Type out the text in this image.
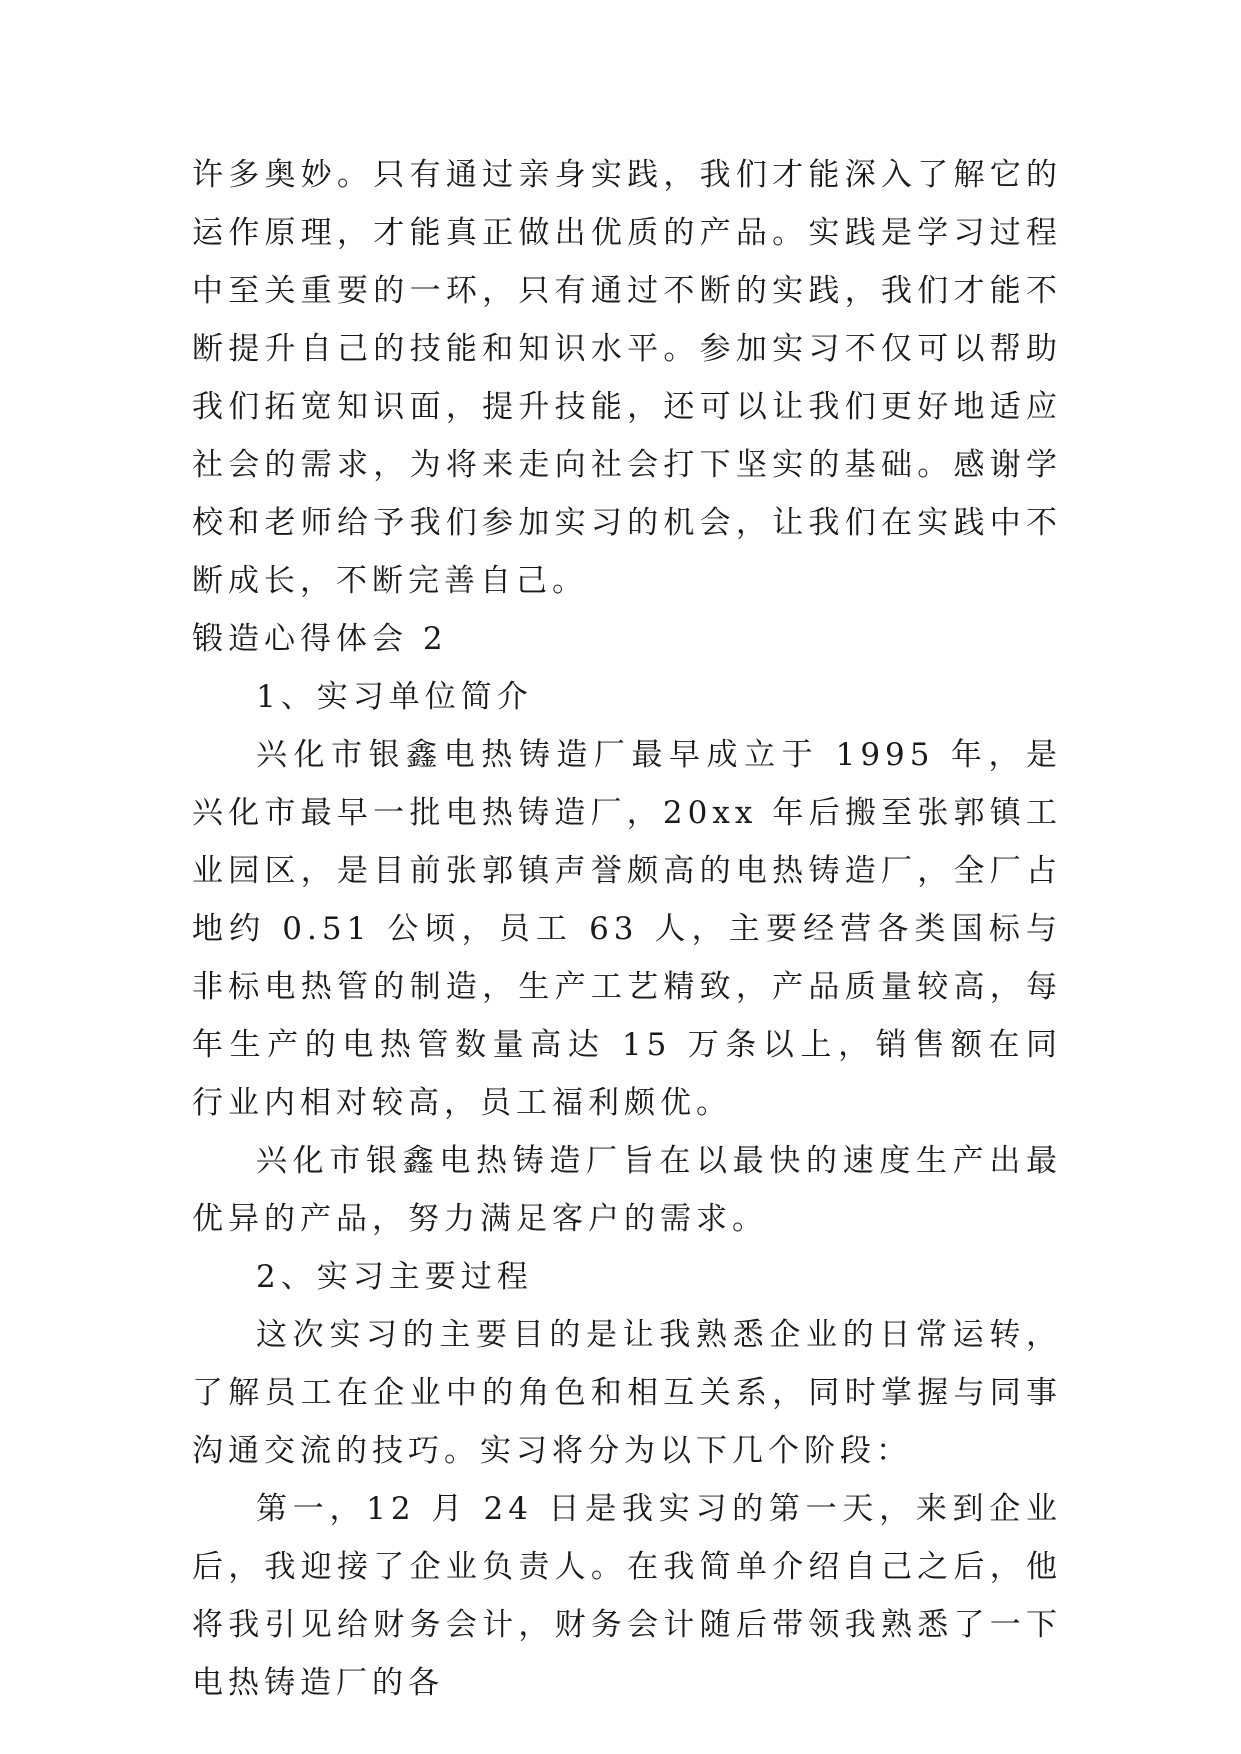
许多奥妙。只有通过亲身实践，我们才能深入了解它的运作原理，才能真正做出优质的产品。实践是学习过程中至关重要的一环，只有通过不断的实践，我们才能不断提升自己的技能和知识水平。参加实习不仅可以帮助我们拓宽知识面，提升技能，还可以让我们更好地适应社会的需求，为将来走向社会打下坚实的基础。感谢学校和老师给予我们参加实习的机会，让我们在实践中不断成长，不断完善自己。

锻造心得体会 2

1、实习单位简介

兴化市银鑫电热铸造厂最早成立于 1995 年，是兴化市最早一批电热铸造厂，20xx 年后搬至张郭镇工业园区，是目前张郭镇声誉颇高的电热铸造厂，全厂占地约 0.51 公顷，员工 63 人，主要经营各类国标与非标电热管的制造，生产工艺精致，产品质量较高，每年生产的电热管数量高达 15 万条以上，销售额在同行业内相对较高，员工福利颇优。

兴化市银鑫电热铸造厂旨在以最快的速度生产出最优异的产品，努力满足客户的需求。

2、实习主要过程

这次实习的主要目的是让我熟悉企业的日常运转，了解员工在企业中的角色和相互关系，同时掌握与同事沟通交流的技巧。实习将分为以下几个阶段：

第一，12 月 24 日是我实习的第一天，来到企业后，我迎接了企业负责人。在我简单介绍自己之后，他将我引见给财务会计，财务会计随后带领我熟悉了一下电热铸造厂的各
